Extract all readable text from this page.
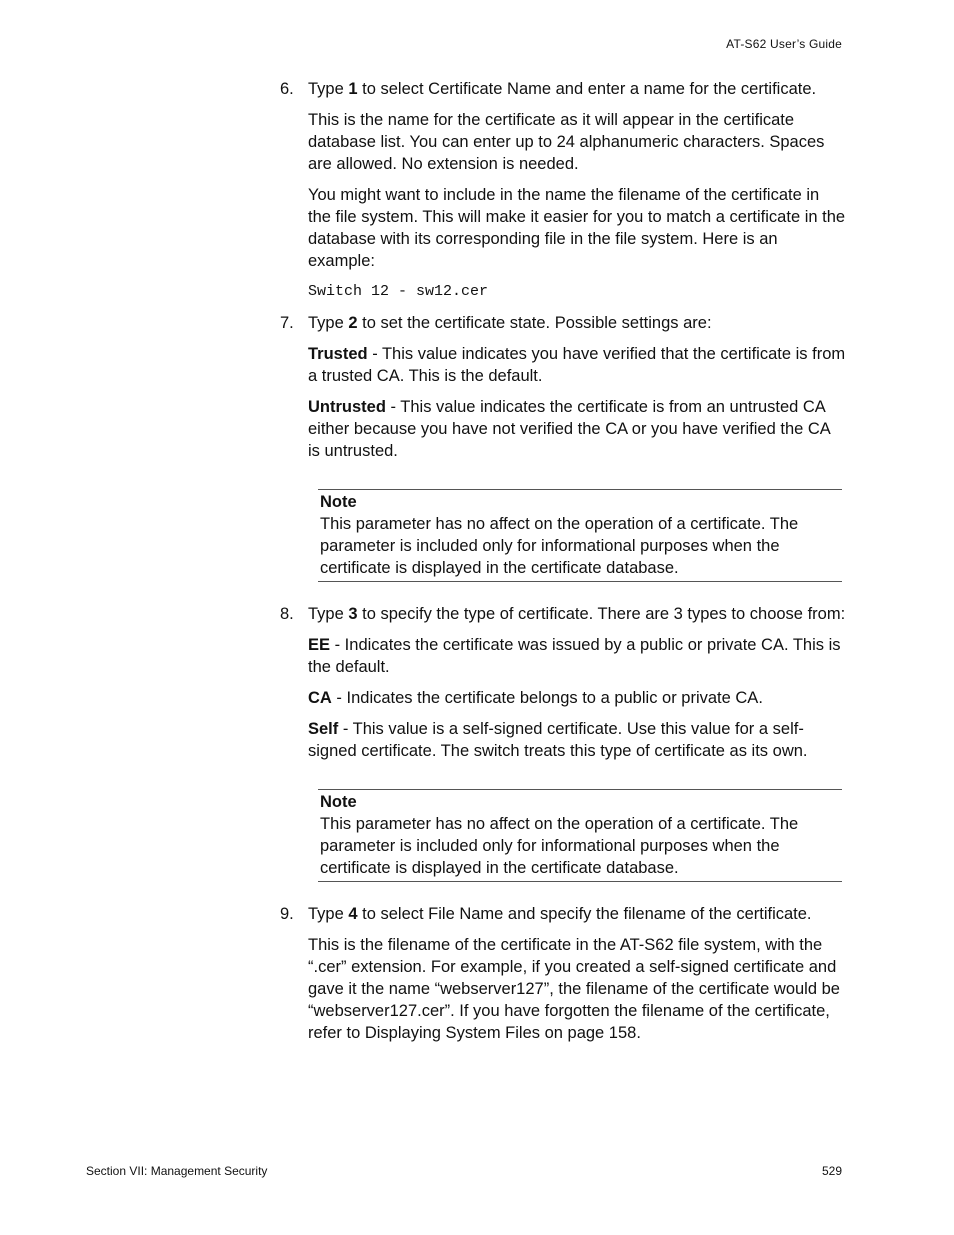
AT-S62 User’s Guide
6. Type 1 to select Certificate Name and enter a name for the certificate.

This is the name for the certificate as it will appear in the certificate database list. You can enter up to 24 alphanumeric characters. Spaces are allowed. No extension is needed.

You might want to include in the name the filename of the certificate in the file system. This will make it easier for you to match a certificate in the database with its corresponding file in the file system. Here is an example:

Switch 12 - sw12.cer

7. Type 2 to set the certificate state. Possible settings are:

Trusted - This value indicates you have verified that the certificate is from a trusted CA. This is the default.

Untrusted - This value indicates the certificate is from an untrusted CA either because you have not verified the CA or you have verified the CA is untrusted.

Note
This parameter has no affect on the operation of a certificate. The parameter is included only for informational purposes when the certificate is displayed in the certificate database.
8. Type 3 to specify the type of certificate. There are 3 types to choose from:

EE - Indicates the certificate was issued by a public or private CA. This is the default.

CA - Indicates the certificate belongs to a public or private CA.

Self - This value is a self-signed certificate. Use this value for a self-signed certificate. The switch treats this type of certificate as its own.

Note
This parameter has no affect on the operation of a certificate. The parameter is included only for informational purposes when the certificate is displayed in the certificate database.
9. Type 4 to select File Name and specify the filename of the certificate.

This is the filename of the certificate in the AT-S62 file system, with the “.cer” extension. For example, if you created a self-signed certificate and gave it the name “webserver127”, the filename of the certificate would be “webserver127.cer”. If you have forgotten the filename of the certificate, refer to Displaying System Files on page 158.

Section VII: Management Security	529
